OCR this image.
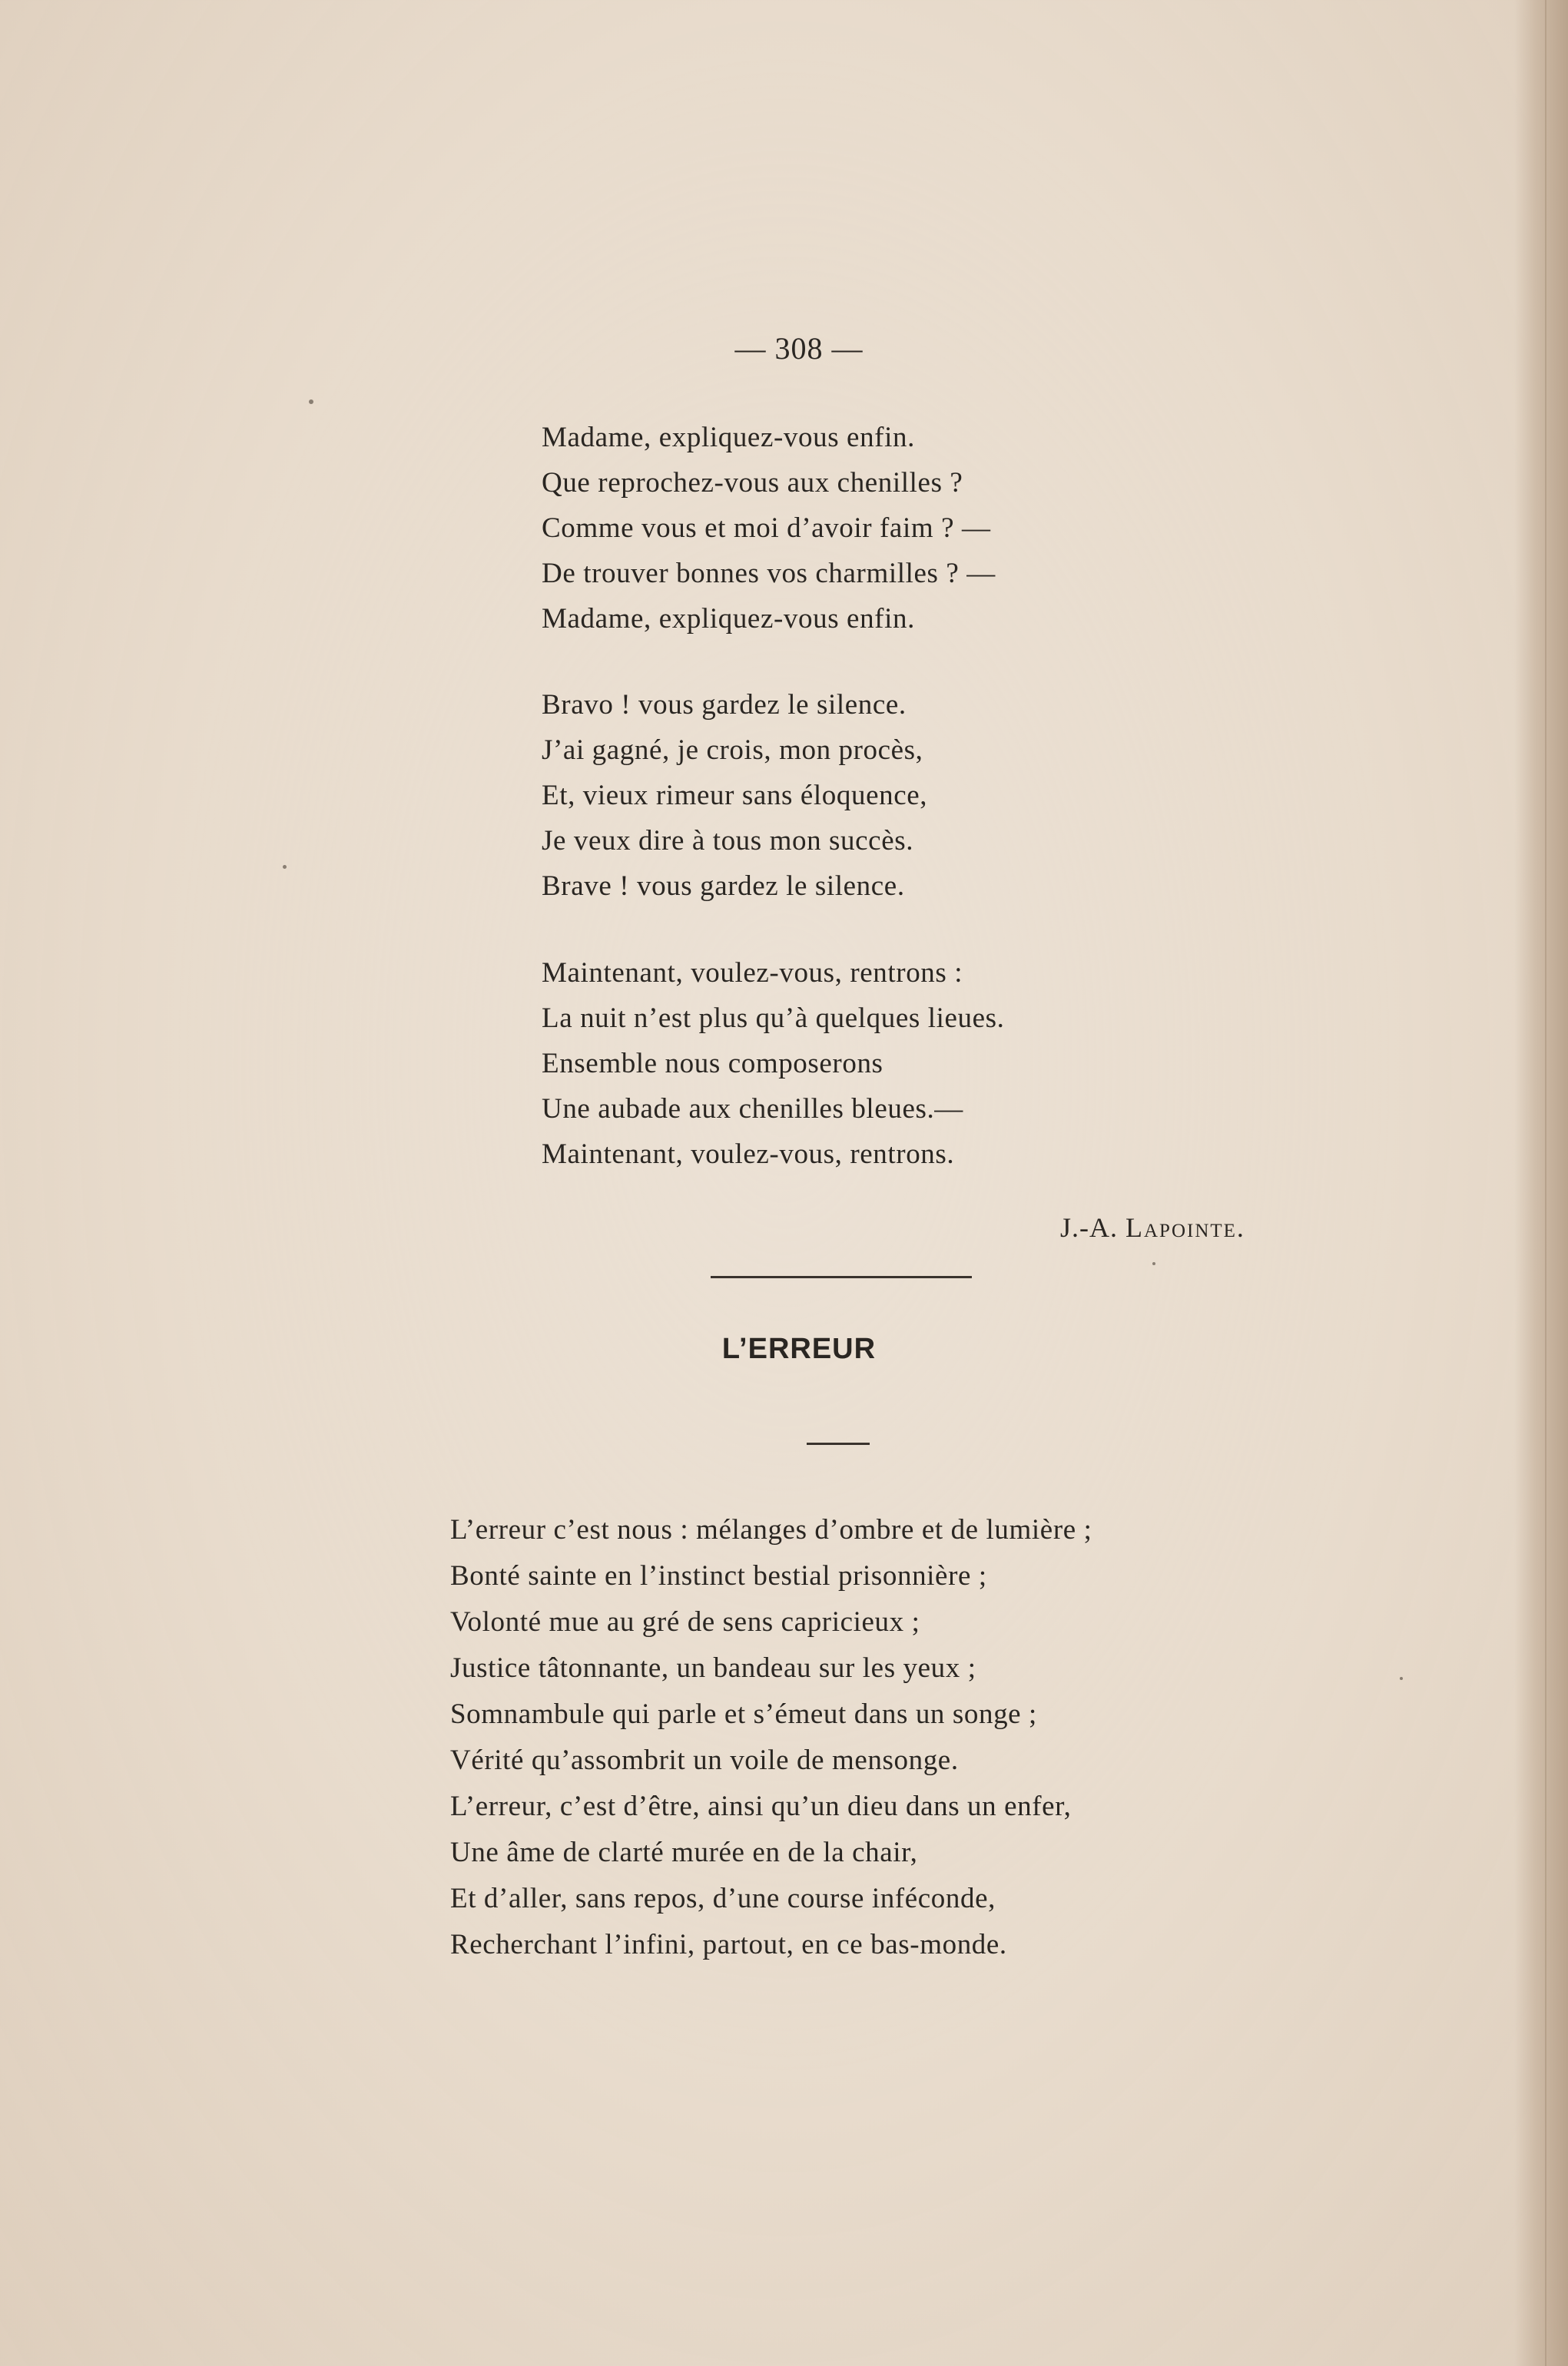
— 308 —
Madame, expliquez-vous enfin.
Que reprochez-vous aux chenilles ?
Comme vous et moi d’avoir faim ? —
De trouver bonnes vos charmilles ? —
Madame, expliquez-vous enfin.
Bravo ! vous gardez le silence.
J’ai gagné, je crois, mon procès,
Et, vieux rimeur sans éloquence,
Je veux dire à tous mon succès.
Brave ! vous gardez le silence.
Maintenant, voulez-vous, rentrons :
La nuit n’est plus qu’à quelques lieues.
Ensemble nous composerons
Une aubade aux chenilles bleues.—
Maintenant, voulez-vous, rentrons.
J.-A. Lapointe.
L’ERREUR
L’erreur c’est nous : mélanges d’ombre et de lumière ;
Bonté sainte en l’instinct bestial prisonnière ;
Volonté mue au gré de sens capricieux ;
Justice tâtonnante, un bandeau sur les yeux ;
Somnambule qui parle et s’émeut dans un songe ;
Vérité qu’assombrit un voile de mensonge.
L’erreur, c’est d’être, ainsi qu’un dieu dans un enfer,
Une âme de clarté murée en de la chair,
Et d’aller, sans repos, d’une course inféconde,
Recherchant l’infini, partout, en ce bas-monde.
